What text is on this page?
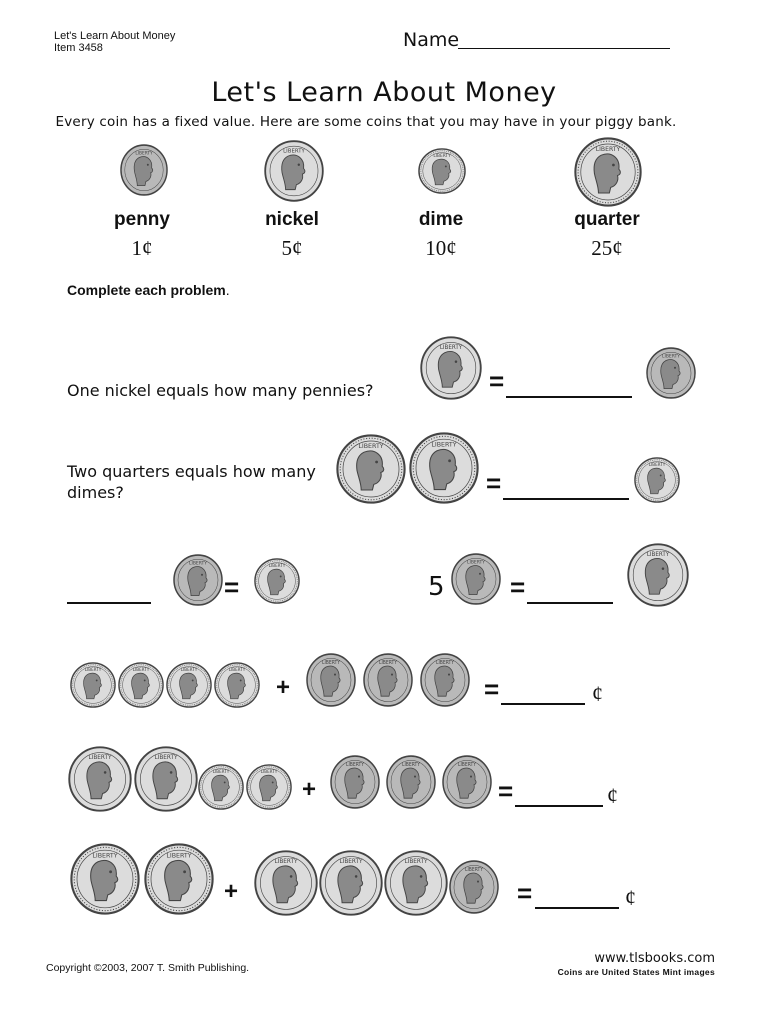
Let's Learn About Money
Item 3458	Name
Let's Learn About Money
Every coin has a fixed value. Here are some coins that you may have in your piggy bank.
LIBERTY	LIBERTY
LIBERTY
LIBERTY
penny	nickel	dime	quarter
1¢	5¢	10¢	25¢
Complete each problem.
One nickel equals how many pennies?
LIBERTY
=
LIBERTY
Two quarters equals how many
dimes?
LIBERTY	LIBERTY
=
LIBERTY
LIBERTY
=
LIBERTY
5
LIBERTY
=
LIBERTY
LIBERTY	LIBERTY	LIBERTY	LIBERTY
+
LIBERTY	LIBERTY	LIBERTY
=	¢
LIBERTY	LIBERTY
LIBERTY	LIBERTY
+
LIBERTY	LIBERTY	LIBERTY
=	¢
LIBERTY	LIBERTY
+
LIBERTY	LIBERTY	LIBERTY
LIBERTY
=	¢
Copyright ©2003, 2007 T. Smith Publishing.
www.tlsbooks.com
Coins are United States Mint images
